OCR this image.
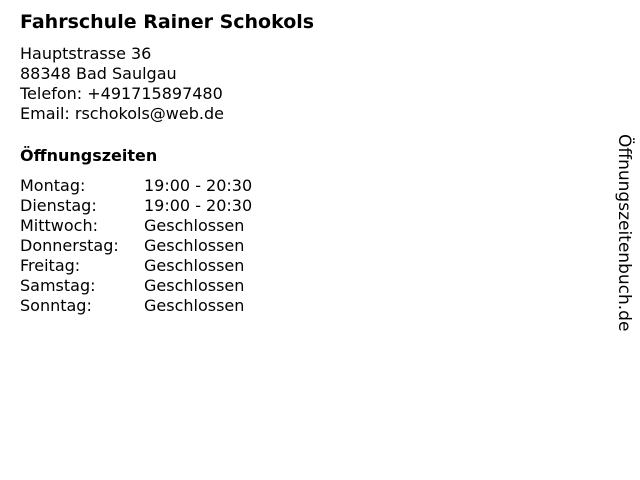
Fahrschule Rainer Schokols
Hauptstrasse 36
88348 Bad Saulgau
Telefon: +491715897480
Email: rschokols@web.de
Öffnungszeiten
Montag:	19:00 - 20:30
Dienstag:	19:00 - 20:30
Mittwoch:	Geschlossen
Donnerstag:	Geschlossen
Freitag:	Geschlossen
Samstag:	Geschlossen
Sonntag:	Geschlossen	Öffnungszeitenbuch.de
